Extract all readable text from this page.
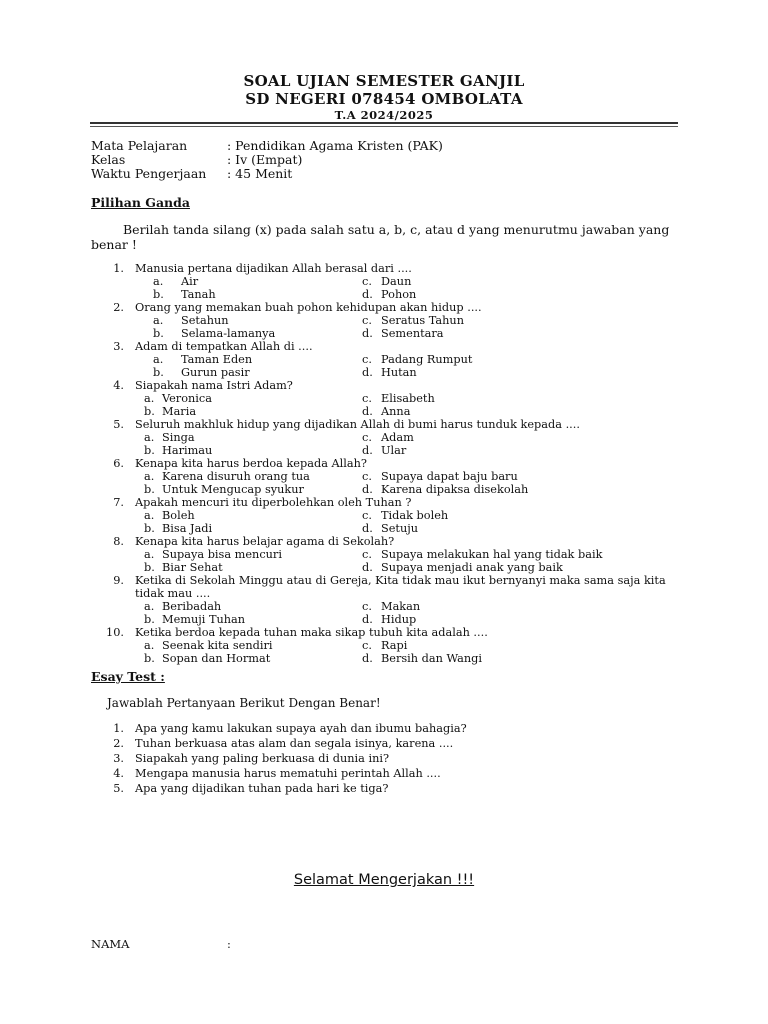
SOAL UJIAN SEMESTER GANJIL
SD NEGERI 078454 OMBOLATA
T.A 2024/2025
Mata Pelajaran	: Pendidikan Agama Kristen (PAK)
Kelas	: Iv (Empat)
Waktu Pengerjaan : 45 Menit
Pilihan Ganda
Berilah tanda silang (x) pada salah satu a, b, c, atau d yang menurutmu jawaban yang benar !
1. Manusia pertana dijadikan Allah berasal dari ....
a. Air	c. Daun
b. Tanah	d. Pohon
2. Orang yang memakan buah pohon kehidupan akan hidup ....
a. Setahun	c. Seratus Tahun
b. Selama-lamanya	d. Sementara
3. Adam di tempatkan Allah di ....
a. Taman Eden	c. Padang Rumput
b. Gurun pasir	d. Hutan
4. Siapakah nama Istri Adam?
a. Veronica	c. Elisabeth
b. Maria	d. Anna
5. Seluruh makhluk hidup yang dijadikan Allah di bumi harus tunduk kepada ....
a. Singa	c. Adam
b. Harimau	d. Ular
6. Kenapa kita harus berdoa kepada Allah?
a. Karena disuruh orang tua	c. Supaya dapat baju baru
b. Untuk Mengucap syukur	d. Karena dipaksa disekolah
7. Apakah mencuri itu diperbolehkan oleh Tuhan ?
a. Boleh	c. Tidak boleh
b. Bisa Jadi	d. Setuju
8. Kenapa kita harus belajar agama di Sekolah?
a. Supaya bisa mencuri	c. Supaya melakukan hal yang tidak baik
b. Biar Sehat	d. Supaya menjadi anak yang baik
9. Ketika di Sekolah Minggu atau di Gereja, Kita tidak mau ikut bernyanyi maka sama saja kita
tidak mau ....
a. Beribadah	c. Makan
b. Memuji Tuhan	d. Hidup
10. Ketika berdoa kepada tuhan maka sikap tubuh kita adalah ....
a. Seenak kita sendiri	c. Rapi
b. Sopan dan Hormat	d. Bersih dan Wangi
Esay Test :
Jawablah Pertanyaan Berikut Dengan Benar!
1. Apa yang kamu lakukan supaya ayah dan ibumu bahagia?
2. Tuhan berkuasa atas alam dan segala isinya, karena ....
3. Siapakah yang paling berkuasa di dunia ini?
4. Mengapa manusia harus mematuhi perintah Allah ....
5. Apa yang dijadikan tuhan pada hari ke tiga?
Selamat Mengerjakan !!!
NAMA	:
